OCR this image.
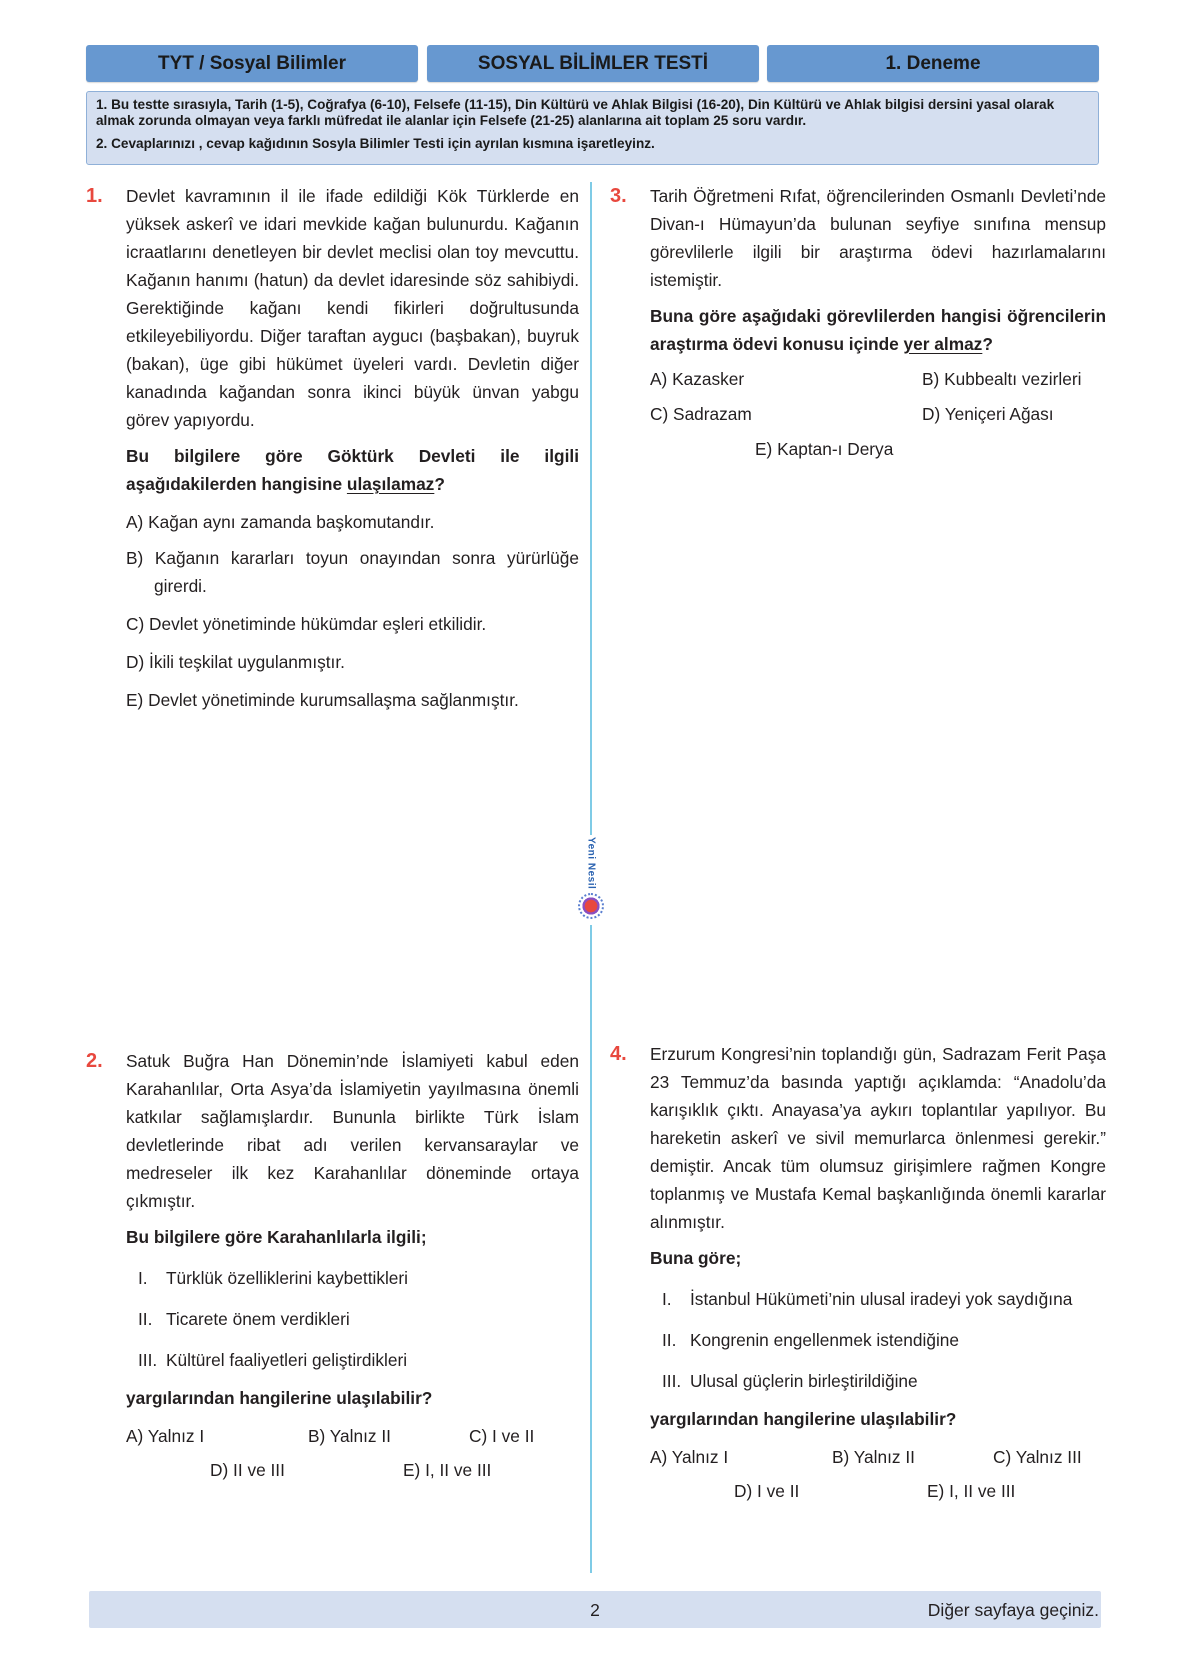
TYT / Sosyal Bilimler	SOSYAL BİLİMLER TESTİ	1. Deneme

1. Bu testte sırasıyla, Tarih (1-5), Coğrafya (6-10), Felsefe (11-15), Din Kültürü ve Ahlak Bilgisi (16-20), Din Kültürü ve Ahlak bilgisi dersini yasal olarak almak zorunda olmayan veya farklı müfredat ile alanlar için Felsefe (21-25) alanlarına ait toplam 25 soru vardır.

2. Cevaplarınızı , cevap kağıdının Sosyla Bilimler Testi için ayrılan kısmına işaretleyinz.

Yeni Nesil
1. Devlet kavramının il ile ifade edildiği Kök Türklerde en yüksek askerî ve idari mevkide kağan bulunurdu. Kağanın icraatlarını denetleyen bir devlet meclisi olan toy mevcuttu. Kağanın hanımı (hatun) da devlet idaresinde söz sahibiydi. Gerektiğinde kağanı kendi fikirleri doğrultusunda etkileyebiliyordu. Diğer taraftan aygucı (başbakan), buyruk (bakan), üge gibi hükümet üyeleri vardı. Devletin diğer kanadında kağandan sonra ikinci büyük ünvan yabgu görev yapıyordu.

Bu bilgilere göre Göktürk Devleti ile ilgili aşağıdakilerden hangisine ulaşılamaz?

A) Kağan aynı zamanda başkomutandır.

B) Kağanın kararları toyun onayından sonra yürürlüğe girerdi.

C) Devlet yönetiminde hükümdar eşleri etkilidir.

D) İkili teşkilat uygulanmıştır.

E) Devlet yönetiminde kurumsallaşma sağlanmıştır.

3. Tarih Öğretmeni Rıfat, öğrencilerinden Osmanlı Devleti’nde Divan-ı Hümayun’da bulunan seyfiye sınıfına mensup görevlilerle ilgili bir araştırma ödevi hazırlamalarını istemiştir.

Buna göre aşağıdaki görevlilerden hangisi öğrencilerin araştırma ödevi konusu içinde yer almaz?

A) Kazasker	B) Kubbealtı vezirleri

C) Sadrazam	D) Yeniçeri Ağası

E) Kaptan-ı Derya

2. Satuk Buğra Han Dönemin’nde İslamiyeti kabul eden Karahanlılar, Orta Asya’da İslamiyetin yayılmasına önemli katkılar sağlamışlardır. Bununla birlikte Türk İslam devletlerinde ribat adı verilen kervansaraylar ve medreseler ilk kez Karahanlılar döneminde ortaya çıkmıştır.

Bu bilgilere göre Karahanlılarla ilgili;

I.	Türklük özelliklerini kaybettikleri
II. Ticarete önem verdikleri
III. Kültürel faaliyetleri geliştirdikleri

yargılarından hangilerine ulaşılabilir?

A) Yalnız I	B) Yalnız II	C) I ve II

D) II ve III	E) I, II ve III

4. Erzurum Kongresi’nin toplandığı gün, Sadrazam Ferit Paşa 23 Temmuz’da basında yaptığı açıklamda: “Anadolu’da karışıklık çıktı. Anayasa’ya aykırı toplantılar yapılıyor. Bu hareketin askerî ve sivil memurlarca önlenmesi gerekir.” demiştir. Ancak tüm olumsuz girişimlere rağmen Kongre toplanmış ve Mustafa Kemal başkanlığında önemli kararlar alınmıştır.

Buna göre;

I.	İstanbul Hükümeti’nin ulusal iradeyi yok saydığına
II. Kongrenin engellenmek istendiğine
III. Ulusal güçlerin birleştirildiğine

yargılarından hangilerine ulaşılabilir?

A) Yalnız I	B) Yalnız II	C) Yalnız III

D) I ve II	E) I, II ve III

2	Diğer sayfaya geçiniz.
